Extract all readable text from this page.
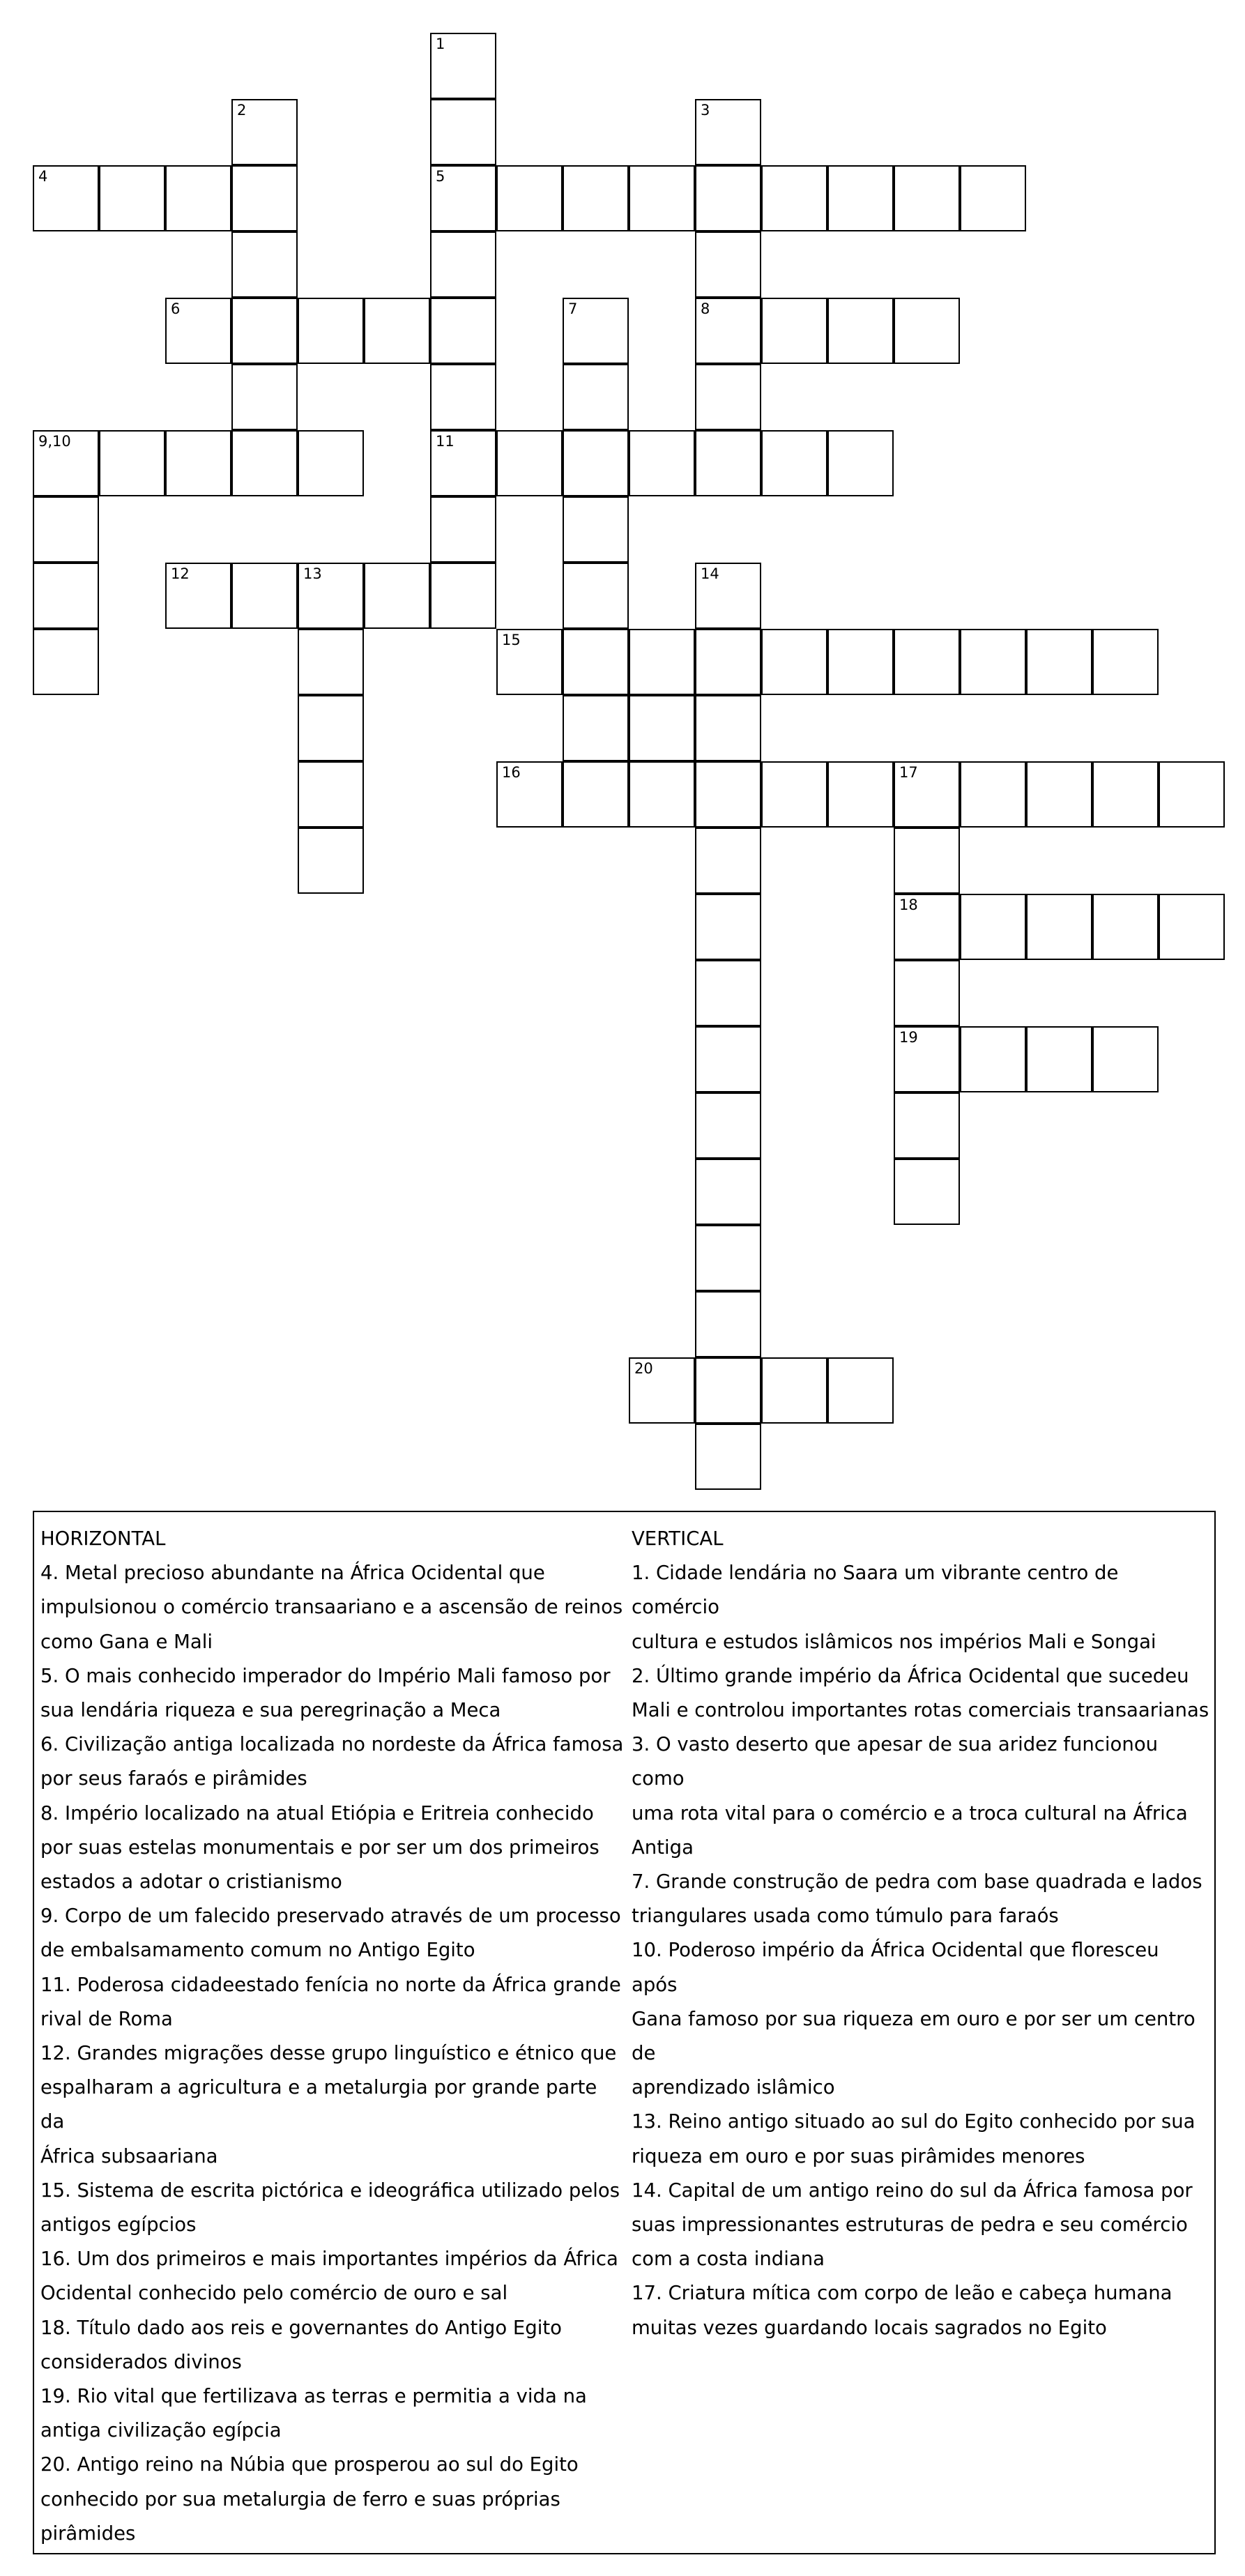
1
2	3
4	5
6	7	8
9,10	11
12	13	14
15
16	17
18
19
20
HORIZONTAL
4. Metal precioso abundante na África Ocidental que
impulsionou o comércio transaariano e a ascensão de reinos
como Gana e Mali
5. O mais conhecido imperador do Império Mali famoso por
sua lendária riqueza e sua peregrinação a Meca
6. Civilização antiga localizada no nordeste da África famosa
por seus faraós e pirâmides
8. Império localizado na atual Etiópia e Eritreia conhecido
por suas estelas monumentais e por ser um dos primeiros
estados a adotar o cristianismo
9. Corpo de um falecido preservado através de um processo
de embalsamamento comum no Antigo Egito
11. Poderosa cidadeestado fenícia no norte da África grande
rival de Roma
12. Grandes migrações desse grupo linguístico e étnico que
espalharam a agricultura e a metalurgia por grande parte da
África subsaariana
15. Sistema de escrita pictórica e ideográfica utilizado pelos
antigos egípcios
16. Um dos primeiros e mais importantes impérios da África
Ocidental conhecido pelo comércio de ouro e sal
18. Título dado aos reis e governantes do Antigo Egito
considerados divinos
19. Rio vital que fertilizava as terras e permitia a vida na
antiga civilização egípcia
20. Antigo reino na Núbia que prosperou ao sul do Egito
conhecido por sua metalurgia de ferro e suas próprias
pirâmides
VERTICAL
1. Cidade lendária no Saara um vibrante centro de comércio
cultura e estudos islâmicos nos impérios Mali e Songai
2. Último grande império da África Ocidental que sucedeu
Mali e controlou importantes rotas comerciais transaarianas
3. O vasto deserto que apesar de sua aridez funcionou como
uma rota vital para o comércio e a troca cultural na África
Antiga
7. Grande construção de pedra com base quadrada e lados
triangulares usada como túmulo para faraós
10. Poderoso império da África Ocidental que floresceu após
Gana famoso por sua riqueza em ouro e por ser um centro de
aprendizado islâmico
13. Reino antigo situado ao sul do Egito conhecido por sua
riqueza em ouro e por suas pirâmides menores
14. Capital de um antigo reino do sul da África famosa por
suas impressionantes estruturas de pedra e seu comércio
com a costa indiana
17. Criatura mítica com corpo de leão e cabeça humana
muitas vezes guardando locais sagrados no Egito
